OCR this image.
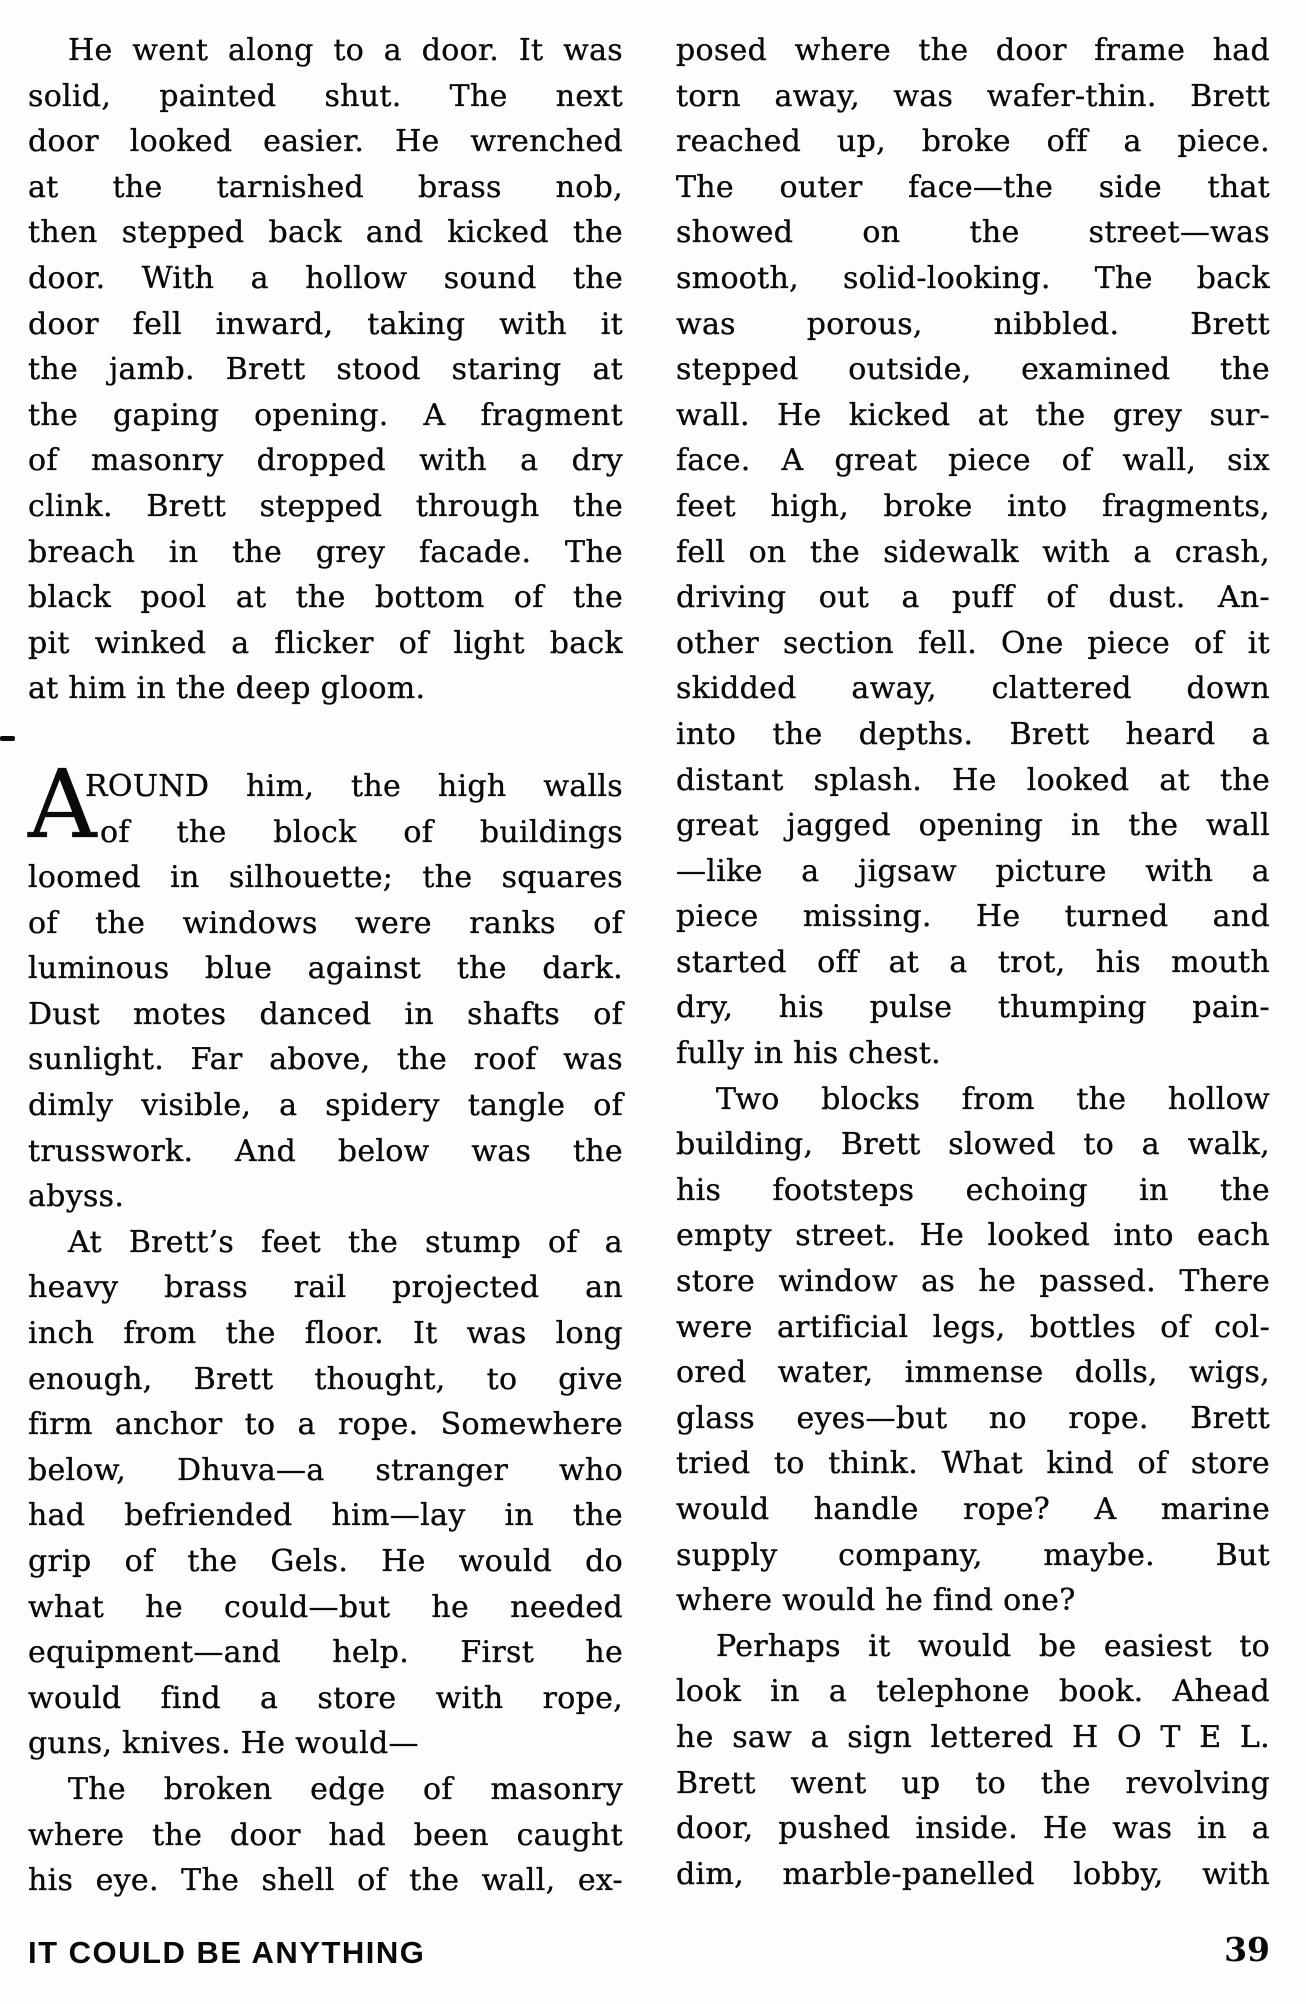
He went along to a door. It was
solid, painted shut. The next
door looked easier. He wrenched
at the tarnished brass nob,
then stepped back and kicked the
door. With a hollow sound the
door fell inward, taking with it
the jamb. Brett stood staring at
the gaping opening. A fragment
of masonry dropped with a dry
clink. Brett stepped through the
breach in the grey facade. The
black pool at the bottom of the
pit winked a flicker of light back
at him in the deep gloom.
ROUND him, the high walls
A of the block of buildings
loomed in silhouette; the squares
of the windows were ranks of
luminous blue against the dark.
Dust motes danced in shafts of
sunlight. Far above, the roof was
dimly visible, a spidery tangle of
trusswork. And below was the
abyss.
At Brett’s feet the stump of a
heavy brass rail projected an
inch from the floor. It was long
enough, Brett thought, to give
firm anchor to a rope. Somewhere
below, Dhuva—a stranger who
had befriended him—lay in the
grip of the Gels. He would do
what he could—but he needed
equipment—and help. First he
would find a store with rope,
guns, knives. He would—
The broken edge of masonry
where the door had been caught
his eye. The shell of the wall, ex-
posed where the door frame had
torn away, was wafer-thin. Brett
reached up, broke off a piece.
The outer face—the side that
showed on the street—was
smooth, solid-looking. The back
was porous, nibbled. Brett
stepped outside, examined the
wall. He kicked at the grey sur-
face. A great piece of wall, six
feet high, broke into fragments,
fell on the sidewalk with a crash,
driving out a puff of dust. An-
other section fell. One piece of it
skidded away, clattered down
into the depths. Brett heard a
distant splash. He looked at the
great jagged opening in the wall
—like a jigsaw picture with a
piece missing. He turned and
started off at a trot, his mouth
dry, his pulse thumping pain-
fully in his chest.
Two blocks from the hollow
building, Brett slowed to a walk,
his footsteps echoing in the
empty street. He looked into each
store window as he passed. There
were artificial legs, bottles of col-
ored water, immense dolls, wigs,
glass eyes—but no rope. Brett
tried to think. What kind of store
would handle rope? A marine
supply company, maybe. But
where would he find one?
Perhaps it would be easiest to
look in a telephone book. Ahead
he saw a sign lettered H O T E L.
Brett went up to the revolving
door, pushed inside. He was in a
dim, marble-panelled lobby, with
IT COULD BE ANYTHING	39
